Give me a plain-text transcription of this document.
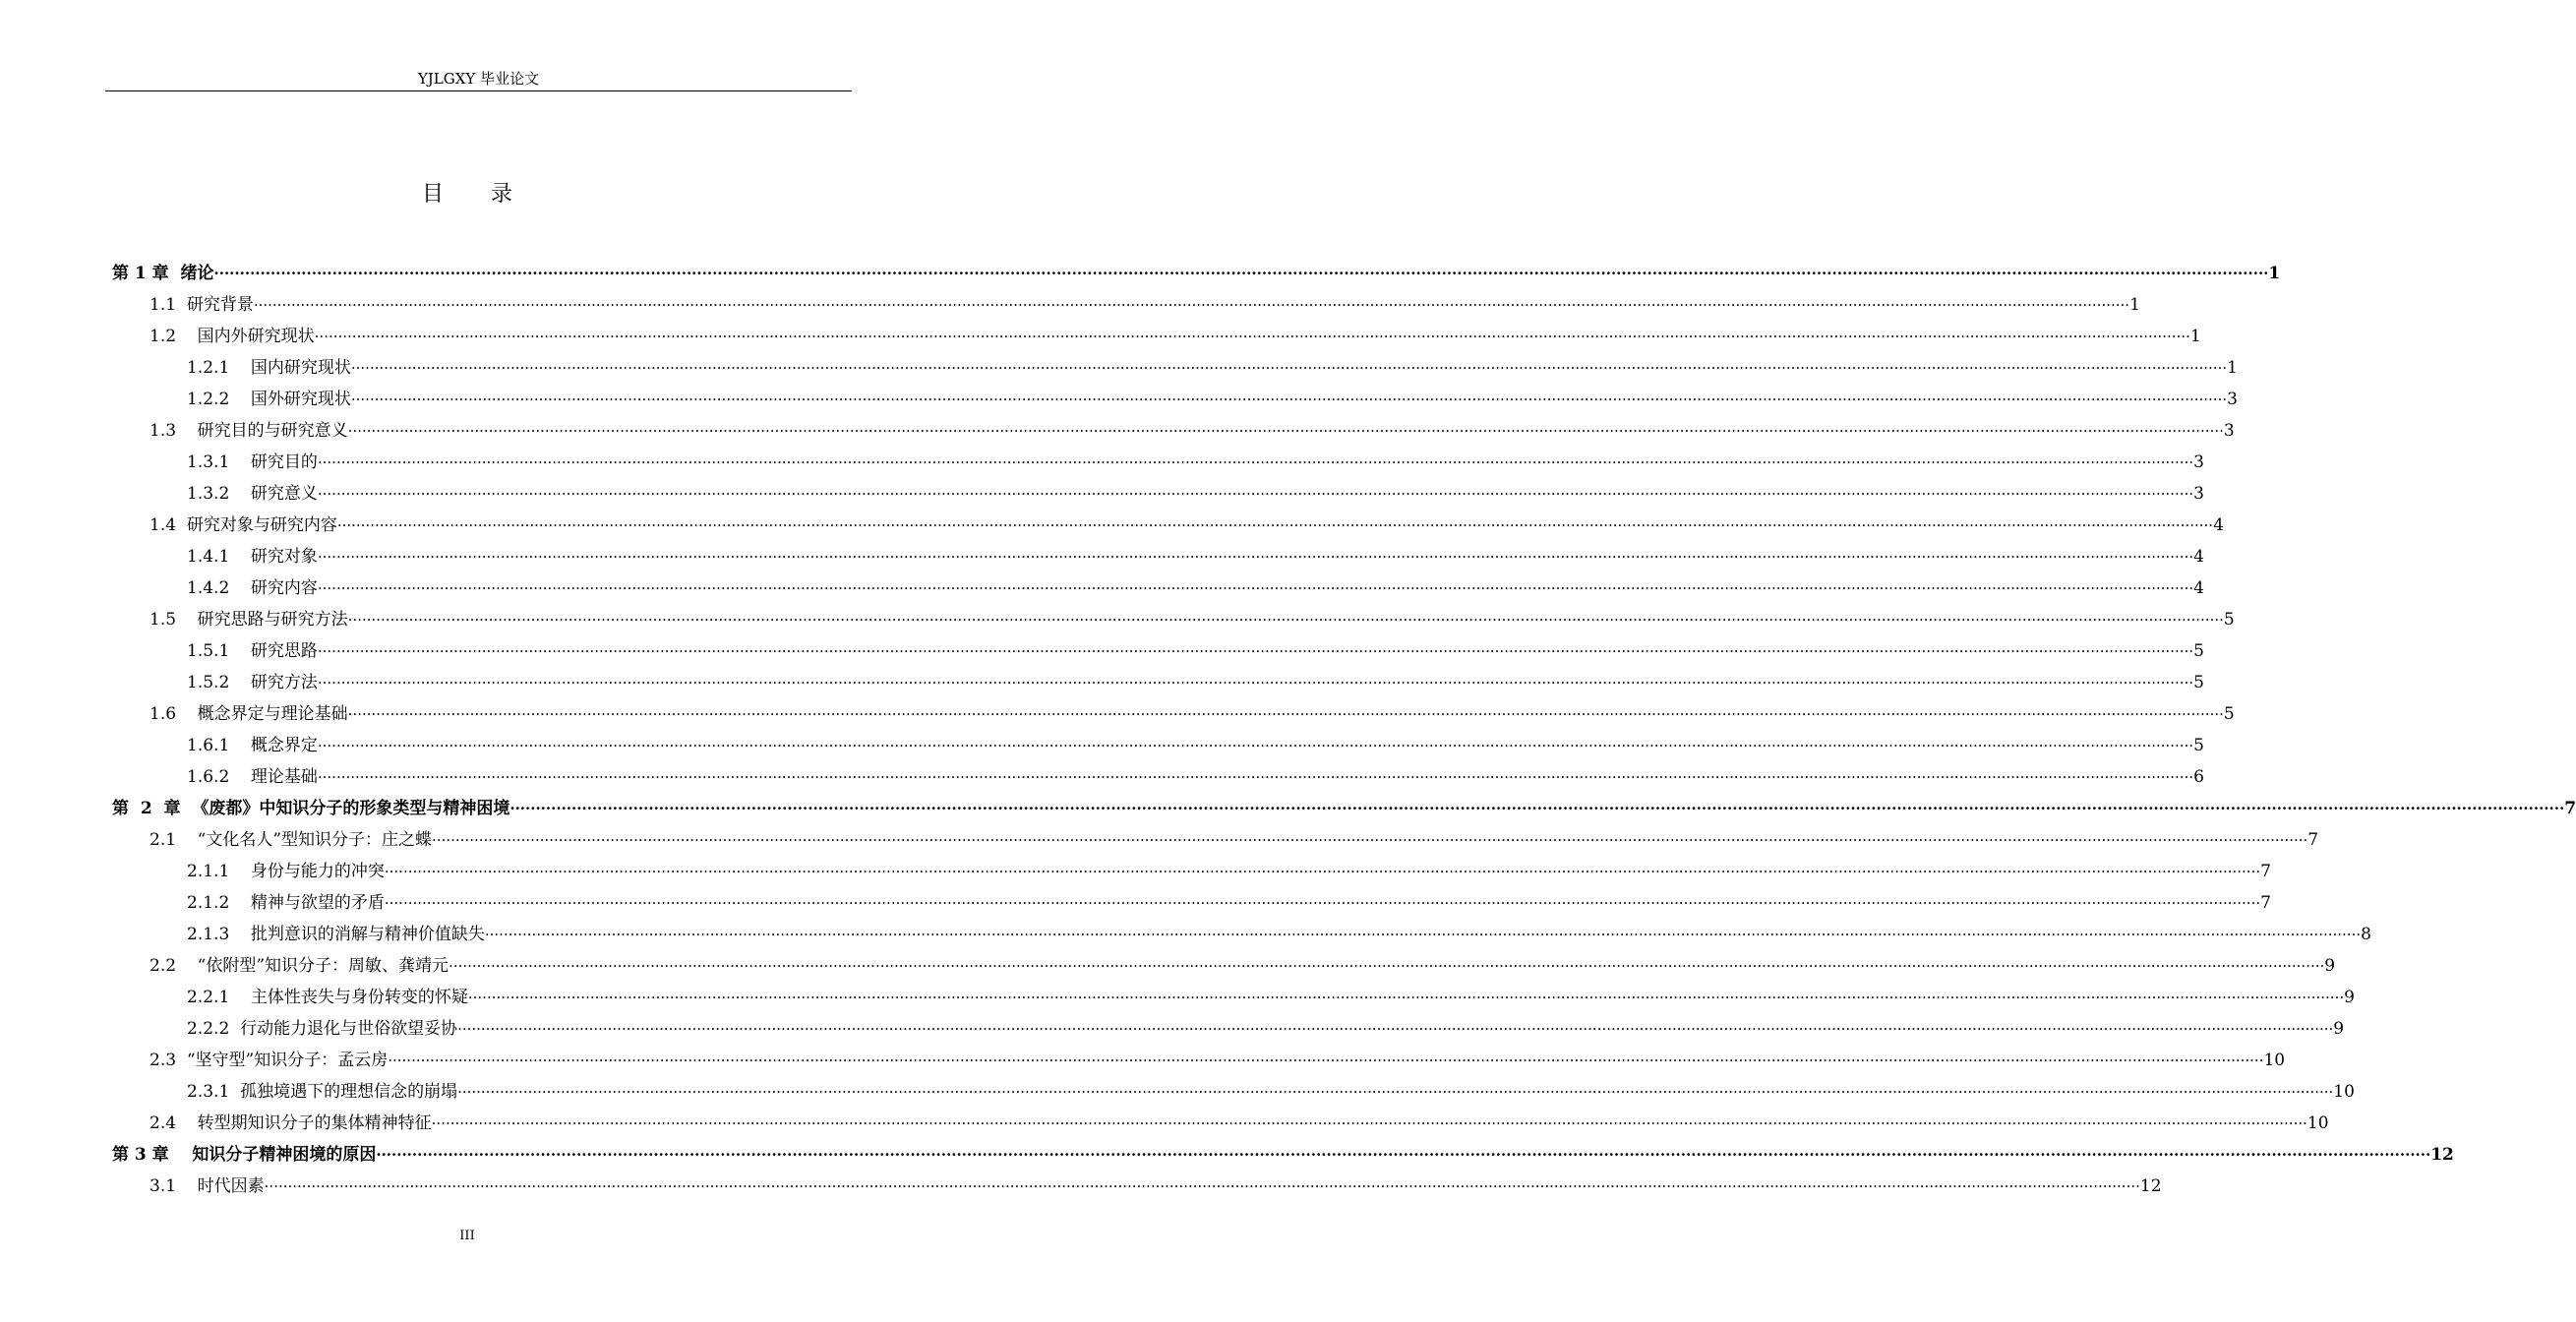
YJLGXY 毕业论文
目录
第 1 章  绪论 ················································································································································································································································································································································································································ 1
1.1  研究背景 ················································································································································································································································································································································································································ 1
1.2    国内外研究现状 ················································································································································································································································································································································································································ 1
1.2.1    国内研究现状 ················································································································································································································································································································································································································ 1
1.2.2    国外研究现状 ················································································································································································································································································································································································································ 3
1.3    研究目的与研究意义 ················································································································································································································································································································································································································ 3
1.3.1    研究目的 ················································································································································································································································································································································································································ 3
1.3.2    研究意义 ················································································································································································································································································································································································································ 3
1.4  研究对象与研究内容 ················································································································································································································································································································································································································ 4
1.4.1    研究对象 ················································································································································································································································································································································································································ 4
1.4.2    研究内容 ················································································································································································································································································································································································································ 4
1.5    研究思路与研究方法 ················································································································································································································································································································································································································ 5
1.5.1    研究思路 ················································································································································································································································································································································································································ 5
1.5.2    研究方法 ················································································································································································································································································································································································································ 5
1.6    概念界定与理论基础 ················································································································································································································································································································································································································ 5
1.6.1    概念界定 ················································································································································································································································································································································································································ 5
1.6.2    理论基础 ················································································································································································································································································································································································································ 6
第  2  章  《废都》中知识分子的形象类型与精神困境 ················································································································································································································································································································································································································ 7
2.1    “文化名人”型知识分子：庄之蝶 ················································································································································································································································································································································································································ 7
2.1.1    身份与能力的冲突 ················································································································································································································································································································································································································ 7
2.1.2    精神与欲望的矛盾 ················································································································································································································································································································································································································ 7
2.1.3    批判意识的消解与精神价值缺失 ················································································································································································································································································································································································································ 8
2.2    “依附型”知识分子：周敏、龚靖元 ················································································································································································································································································································································································································ 9
2.2.1    主体性丧失与身份转变的怀疑 ················································································································································································································································································································································································································ 9
2.2.2  行动能力退化与世俗欲望妥协 ················································································································································································································································································································································································································ 9
2.3  “坚守型”知识分子：孟云房 ················································································································································································································································································································································································································ 10
2.3.1  孤独境遇下的理想信念的崩塌 ················································································································································································································································································································································································································ 10
2.4    转型期知识分子的集体精神特征 ················································································································································································································································································································································································································ 10
第 3 章    知识分子精神困境的原因 ················································································································································································································································································································································································································ 12
3.1    时代因素 ················································································································································································································································································································································································································ 12
III
